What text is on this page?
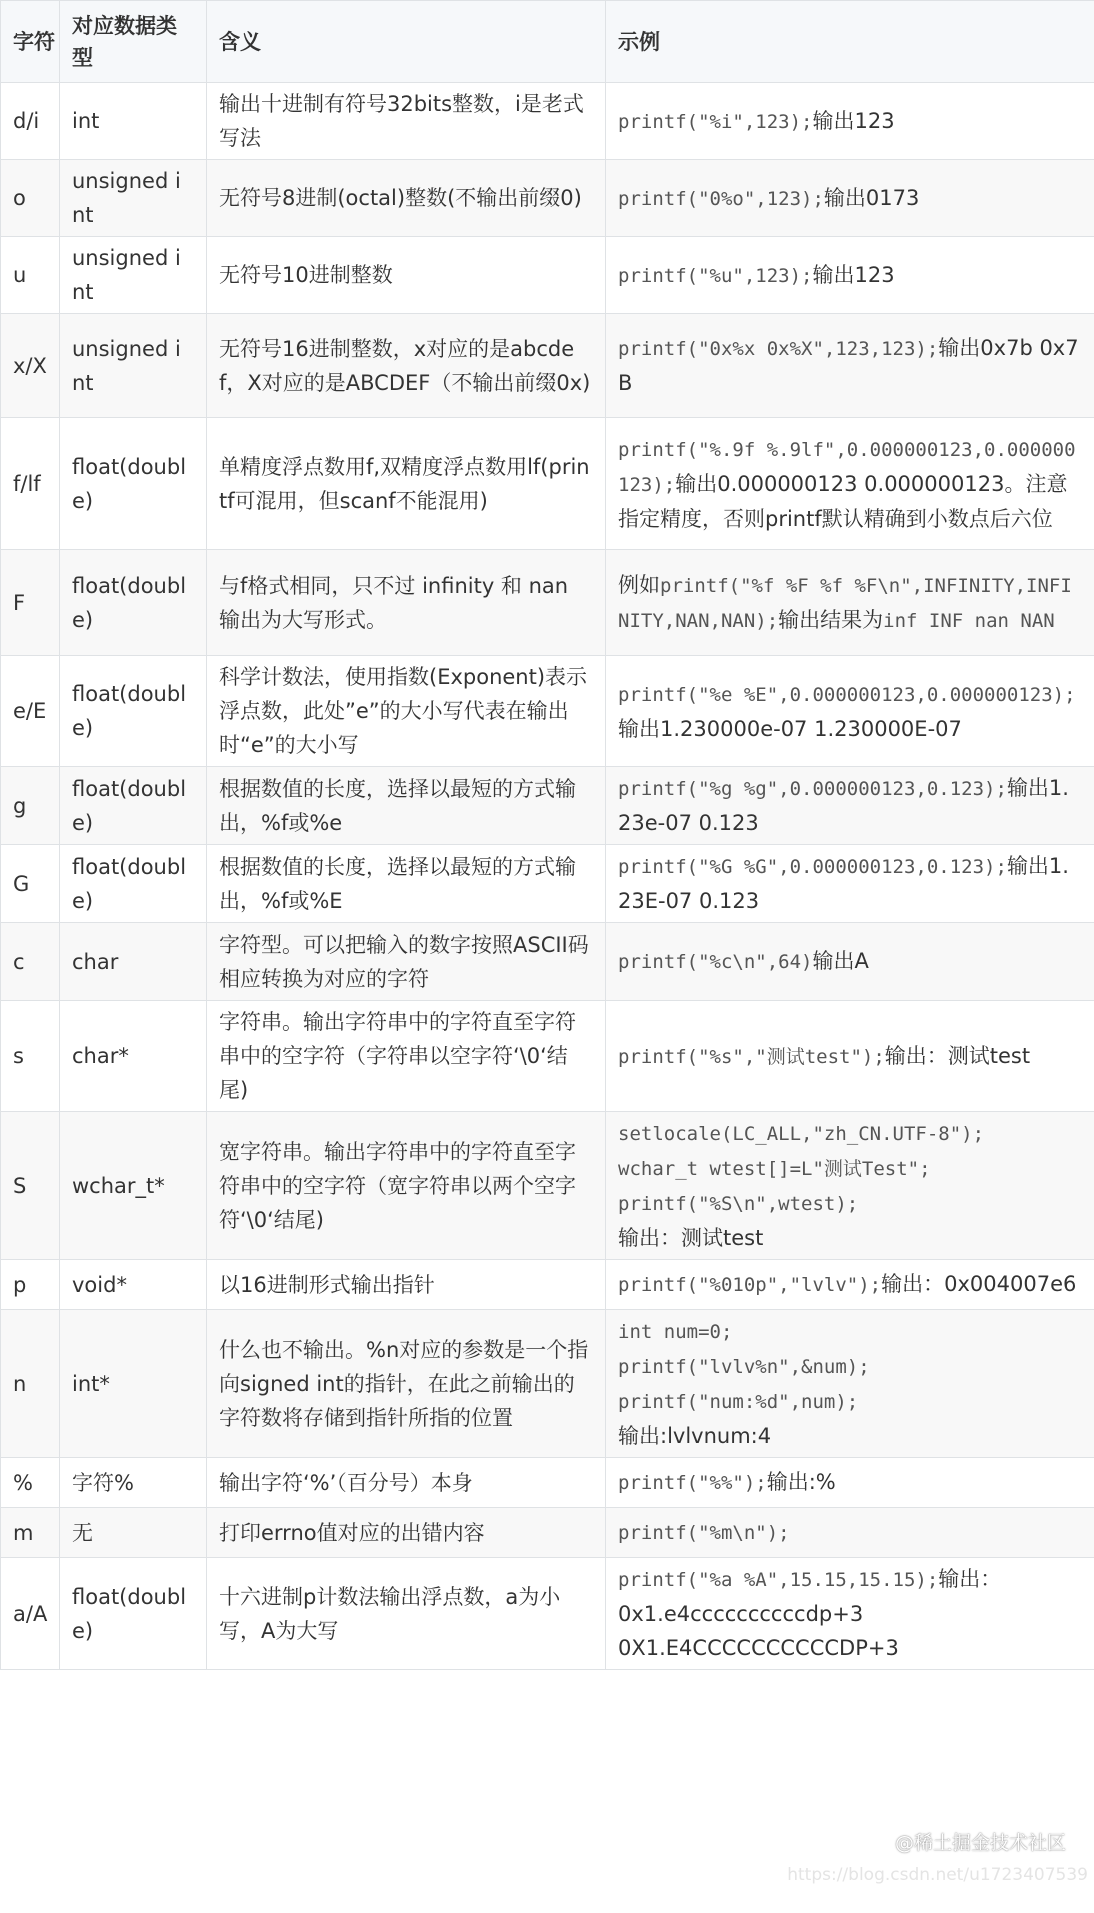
字符	对应数据类型	含义	示例
d/i	int	输出十进制有符号32bits整数，i是老式写法	printf("%i",123);输出123

o	unsigned int	无符号8进制(octal)整数(不输出前缀0)	printf("0%o",123);输出0173

u	unsigned int	无符号10进制整数	printf("%u",123);输出123

x/X	unsigned int	无符号16进制整数，x对应的是abcdef，X对应的是ABCDEF（不输出前缀0x)	printf("0x%x 0x%X",123,123);输出0x7b 0x7B

f/lf	float(double)	单精度浮点数用f,双精度浮点数用lf(printf可混用，但scanf不能混用)	printf("%.9f %.9lf",0.000000123,0.000000123);输出0.000000123 0.000000123。注意指定精度，否则printf默认精确到小数点后六位

F	float(double)	与f格式相同，只不过 infinity 和 nan 输出为大写形式。	例如printf("%f %F %f %F\n",INFINITY,INFINITY,NAN,NAN);输出结果为inf INF nan NAN

e/E	float(double)	科学计数法，使用指数(Exponent)表示浮点数，此处”e”的大小写代表在输出时“e”的大小写	printf("%e %E",0.000000123,0.000000123);输出1.230000e-07 1.230000E-07

g	float(double)	根据数值的长度，选择以最短的方式输出，%f或%e	printf("%g %g",0.000000123,0.123);输出1.23e-07 0.123

G	float(double)	根据数值的长度，选择以最短的方式输出，%f或%E	printf("%G %G",0.000000123,0.123);输出1.23E-07 0.123

c	char	字符型。可以把输入的数字按照ASCII码相应转换为对应的字符	printf("%c\n",64)输出A

s	char*	字符串。输出字符串中的字符直至字符串中的空字符（字符串以空字符‘\0‘结尾)	printf("%s","测试test");输出：测试test

S	wchar_t*	宽字符串。输出字符串中的字符直至字符串中的空字符（宽字符串以两个空字符‘\0‘结尾)	setlocale(LC_ALL,"zh_CN.UTF-8");
wchar_t wtest[]=L"测试Test";
printf("%S\n",wtest);
输出：测试test

p	void*	以16进制形式输出指针	printf("%010p","lvlv");输出：0x004007e6

n	int*	什么也不输出。%n对应的参数是一个指向signed int的指针，在此之前输出的字符数将存储到指针所指的位置	int num=0;
printf("lvlv%n",&num);
printf("num:%d",num);
输出:lvlvnum:4

%	字符%	输出字符‘%’（百分号）本身	printf("%%");输出:%

m	无	打印errno值对应的出错内容	printf("%m\n");

a/A	float(double)	十六进制p计数法输出浮点数，a为小写，A为大写	printf("%a %A",15.15,15.15);输出：
0x1.e4ccccccccccdp+3
0X1.E4CCCCCCCCCCDP+3
@稀土掘金技术社区
https://blog.csdn.net/u1723407539
